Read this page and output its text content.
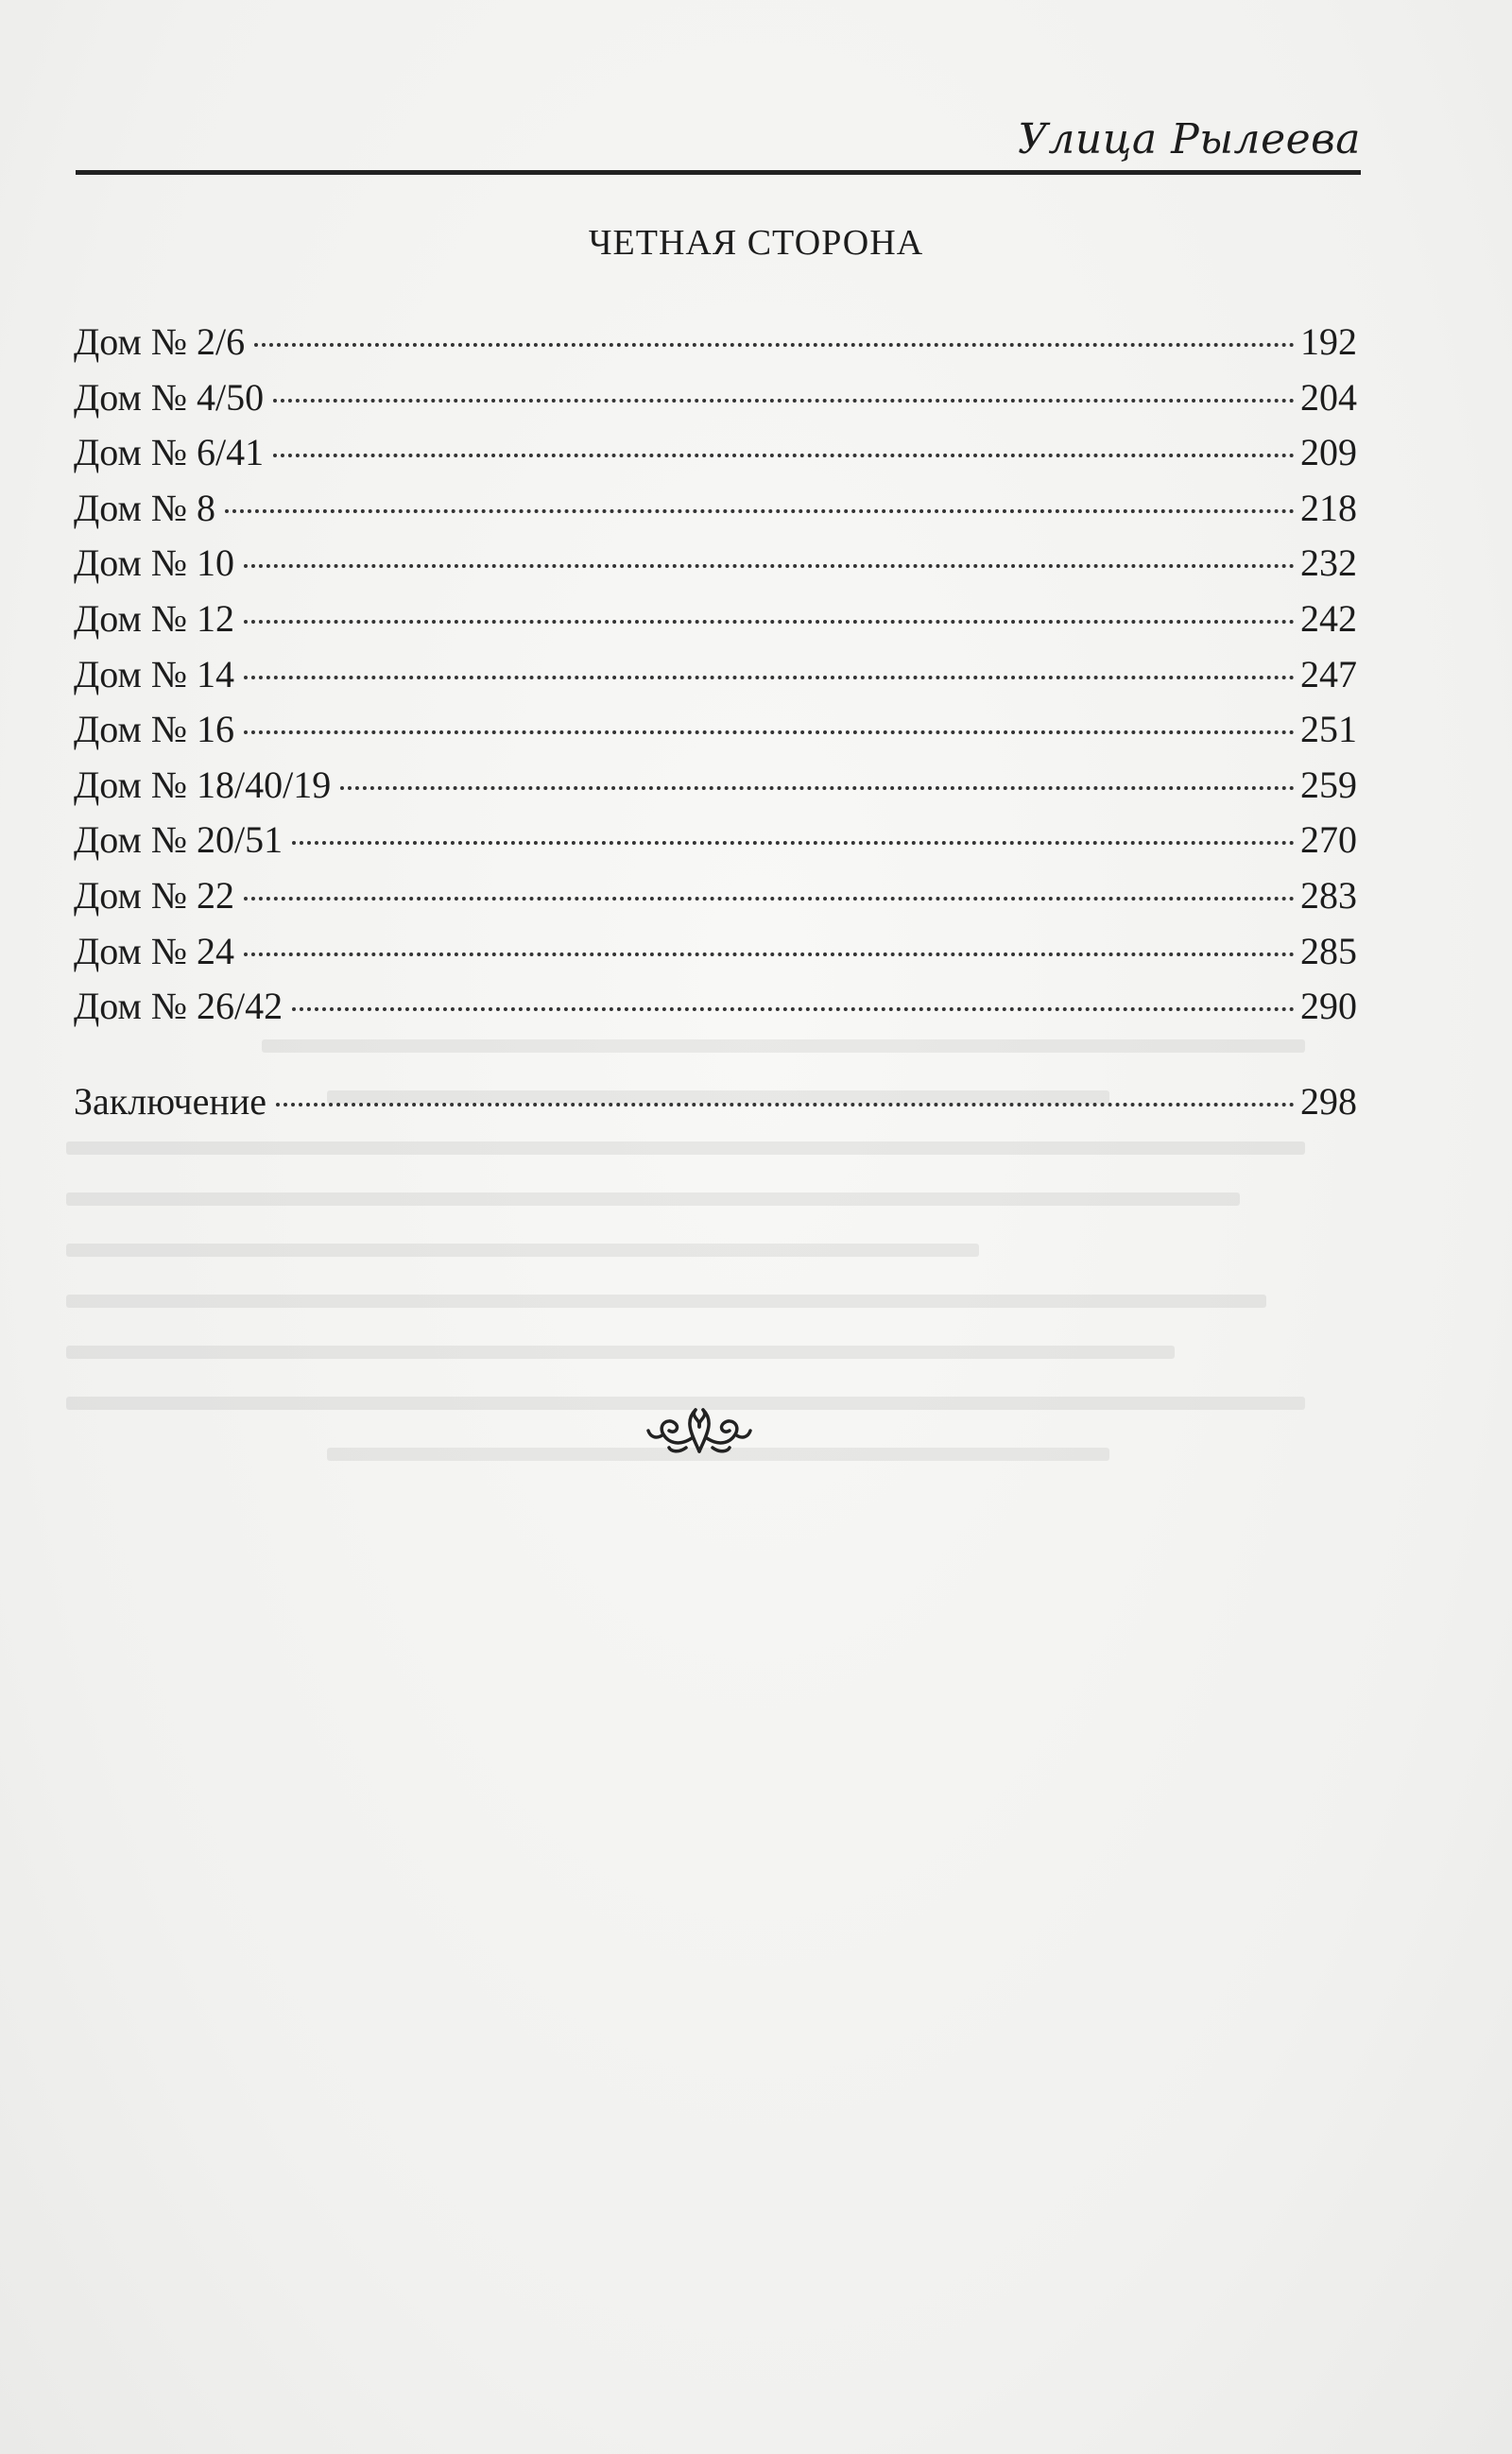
Улица Рылеева
ЧЕТНАЯ СТОРОНА
Дом № 2/6	192
Дом № 4/50	204
Дом № 6/41	209
Дом № 8	218
Дом № 10	232
Дом № 12	242
Дом № 14	247
Дом № 16	251
Дом № 18/40/19	259
Дом № 20/51	270
Дом № 22	283
Дом № 24	285
Дом № 26/42	290
Заключение	298
